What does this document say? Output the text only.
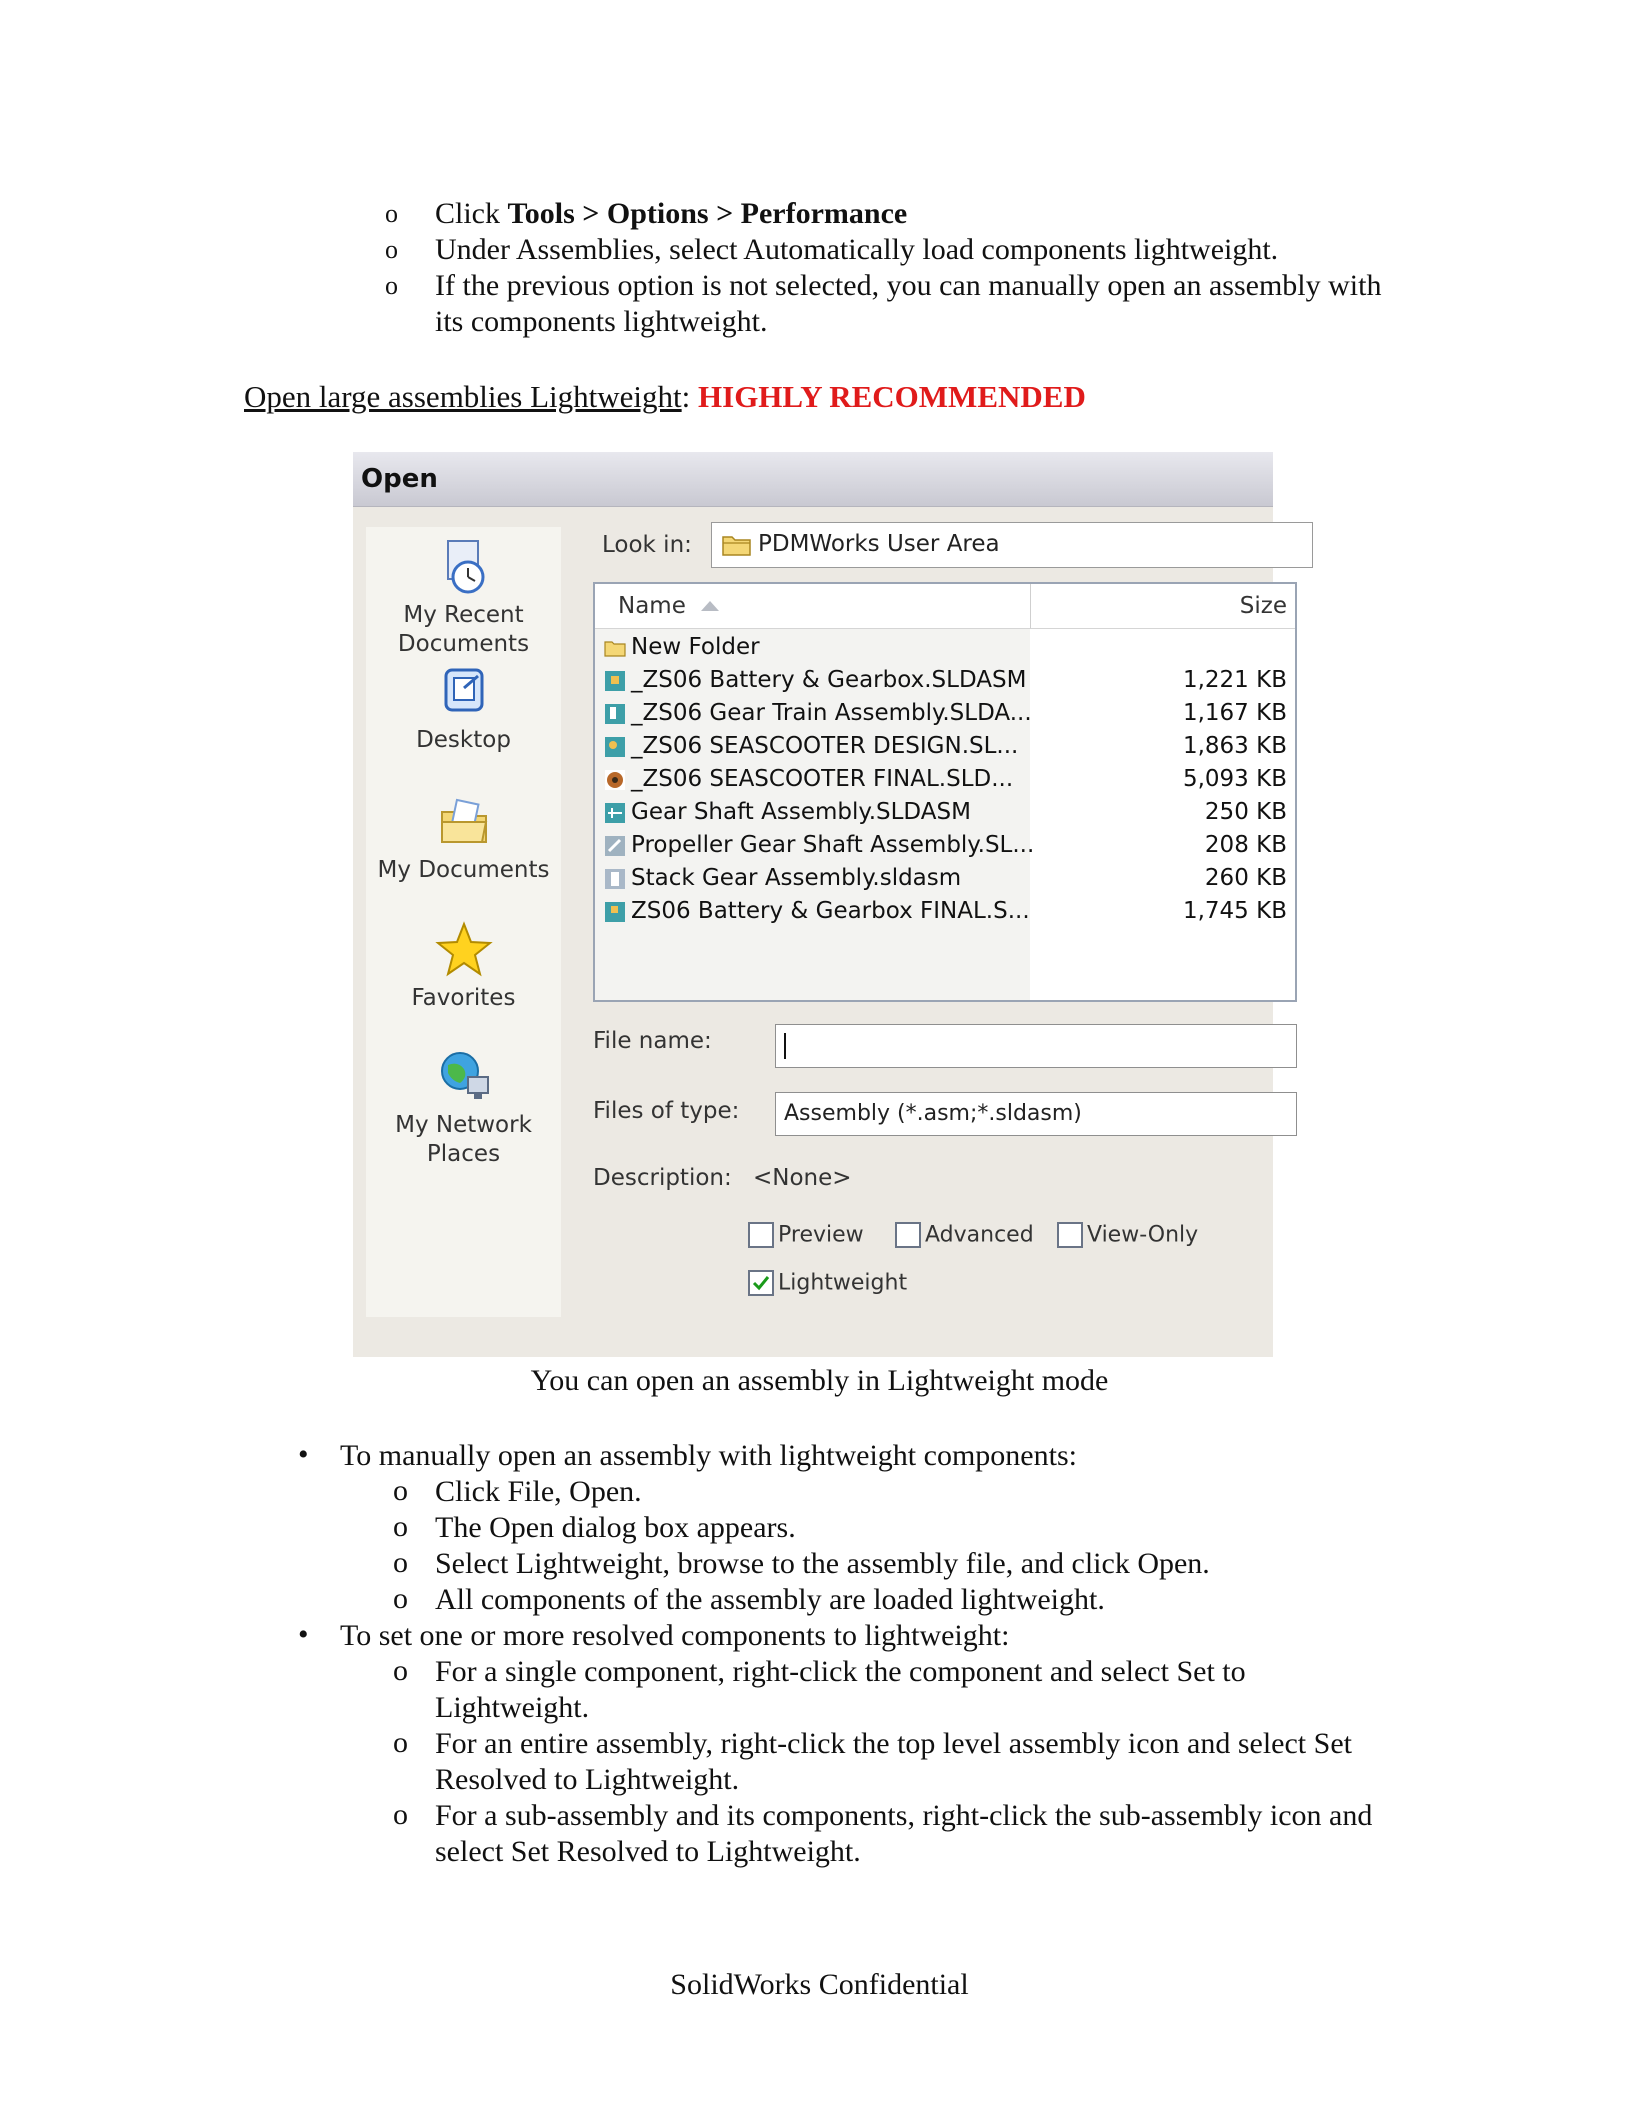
o Click Tools > Options > Performance
o Under Assemblies, select Automatically load components lightweight.
o If the previous option is not selected, you can manually open an assembly with its components lightweight.
Open large assemblies Lightweight: HIGHLY RECOMMENDED
Open
My Recent Documents
Desktop
My Documents
Favorites
My Network Places
Look in:	PDMWorks User Area
Name	Size
New Folder
_ZS06 Battery & Gearbox.SLDASM	1,221 KB
_ZS06 Gear Train Assembly.SLDA...	1,167 KB
_ZS06 SEASCOOTER DESIGN.SL...	1,863 KB
_ZS06 SEASCOOTER FINAL.SLD...	5,093 KB
Gear Shaft Assembly.SLDASM	250 KB
Propeller Gear Shaft Assembly.SL...	208 KB
Stack Gear Assembly.sldasm	260 KB
ZS06 Battery & Gearbox FINAL.S...	1,745 KB
File name:
Files of type: Assembly (*.asm;*.sldasm)
Description: <None>
Preview	Advanced	View-Only
Lightweight
You can open an assembly in Lightweight mode
• To manually open an assembly with lightweight components:
o Click File, Open.
o The Open dialog box appears.
o Select Lightweight, browse to the assembly file, and click Open.
o All components of the assembly are loaded lightweight.
• To set one or more resolved components to lightweight:
o For a single component, right-click the component and select Set to Lightweight.
o For an entire assembly, right-click the top level assembly icon and select Set Resolved to Lightweight.
o For a sub-assembly and its components, right-click the sub-assembly icon and select Set Resolved to Lightweight.
SolidWorks Confidential
